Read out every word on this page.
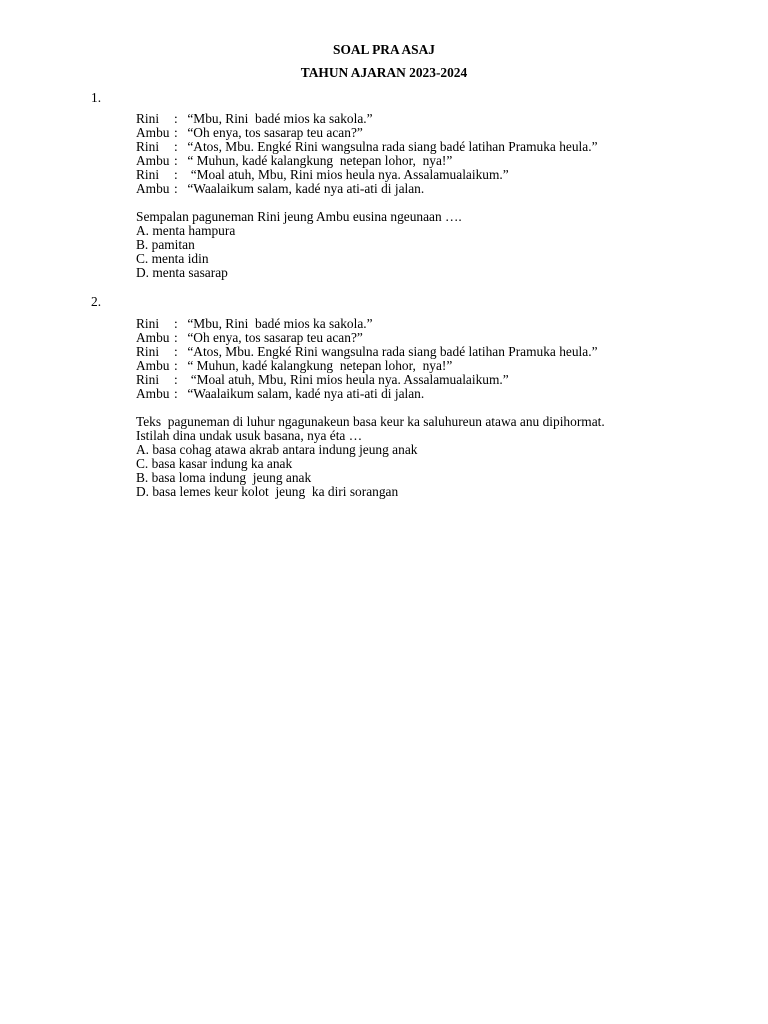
SOAL PRA ASAJ
TAHUN AJARAN 2023-2024
1.
Rini : “Mbu, Rini  badé mios ka sakola.”
Ambu : “Oh enya, tos sasarap teu acan?”
Rini : “Atos, Mbu. Engké Rini wangsulna rada siang badé latihan Pramuka heula.”
Ambu : “ Muhun, kadé kalangkung  netepan lohor,  nya!”
Rini :  “Moal atuh, Mbu, Rini mios heula nya. Assalamualaikum.”
Ambu : “Waalaikum salam, kadé nya ati-ati di jalan.
Sempalan paguneman Rini jeung Ambu eusina ngeunaan ….
A. menta hampura
B. pamitan
C. menta idin
D. menta sasarap
2.
Rini : “Mbu, Rini  badé mios ka sakola.”
Ambu : “Oh enya, tos sasarap teu acan?”
Rini : “Atos, Mbu. Engké Rini wangsulna rada siang badé latihan Pramuka heula.”
Ambu : “ Muhun, kadé kalangkung  netepan lohor,  nya!”
Rini :  “Moal atuh, Mbu, Rini mios heula nya. Assalamualaikum.”
Ambu : “Waalaikum salam, kadé nya ati-ati di jalan.
Teks  paguneman di luhur ngagunakeun basa keur ka saluhureun atawa anu dipihormat.
Istilah dina undak usuk basana, nya éta …
A. basa cohag atawa akrab antara indung jeung anak
C. basa kasar indung ka anak
B. basa loma indung  jeung anak
D. basa lemes keur kolot  jeung  ka diri sorangan
